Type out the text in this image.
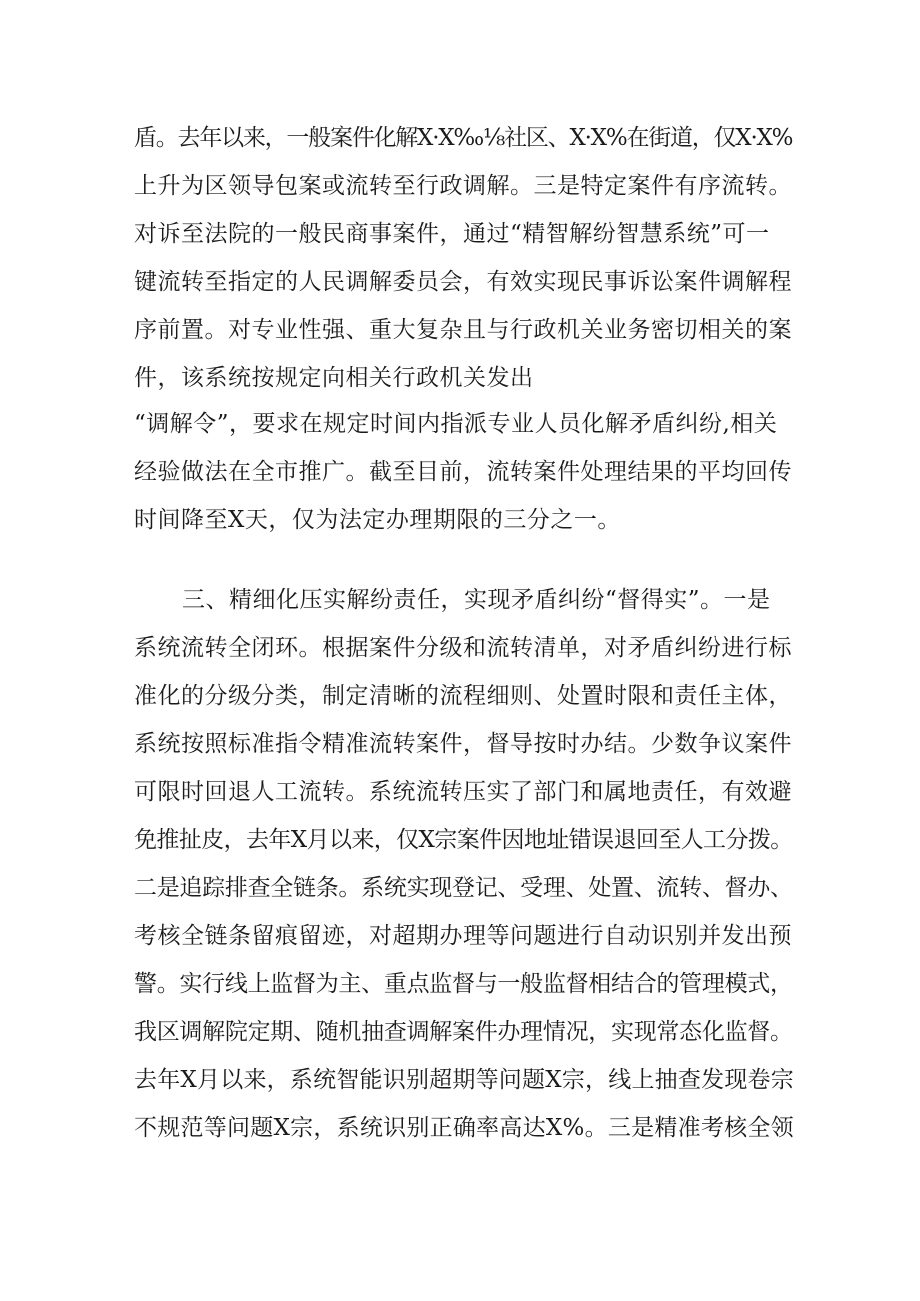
盾。去年以来，一般案件化解X·X‰⅛社区、X·X%在街道，仅X·X%
上升为区领导包案或流转至行政调解。三是特定案件有序流转。
对诉至法院的一般民商事案件，通过“精智解纷智慧系统”可一
键流转至指定的人民调解委员会，有效实现民事诉讼案件调解程
序前置。对专业性强、重大复杂且与行政机关业务密切相关的案
件，该系统按规定向相关行政机关发出
“调解令”，要求在规定时间内指派专业人员化解矛盾纠纷,相关
经验做法在全市推广。截至目前，流转案件处理结果的平均回传
时间降至X天，仅为法定办理期限的三分之一。
三、精细化压实解纷责任，实现矛盾纠纷“督得实”。一是
系统流转全闭环。根据案件分级和流转清单，对矛盾纠纷进行标
准化的分级分类，制定清晰的流程细则、处置时限和责任主体，
系统按照标准指令精准流转案件，督导按时办结。少数争议案件
可限时回退人工流转。系统流转压实了部门和属地责任，有效避
免推扯皮，去年X月以来，仅X宗案件因地址错误退回至人工分拨。
二是追踪排查全链条。系统实现登记、受理、处置、流转、督办、
考核全链条留痕留迹，对超期办理等问题进行自动识别并发出预
警。实行线上监督为主、重点监督与一般监督相结合的管理模式，
我区调解院定期、随机抽查调解案件办理情况，实现常态化监督。
去年X月以来，系统智能识别超期等问题X宗，线上抽查发现卷宗
不规范等问题X宗，系统识别正确率高达X%。三是精准考核全领
